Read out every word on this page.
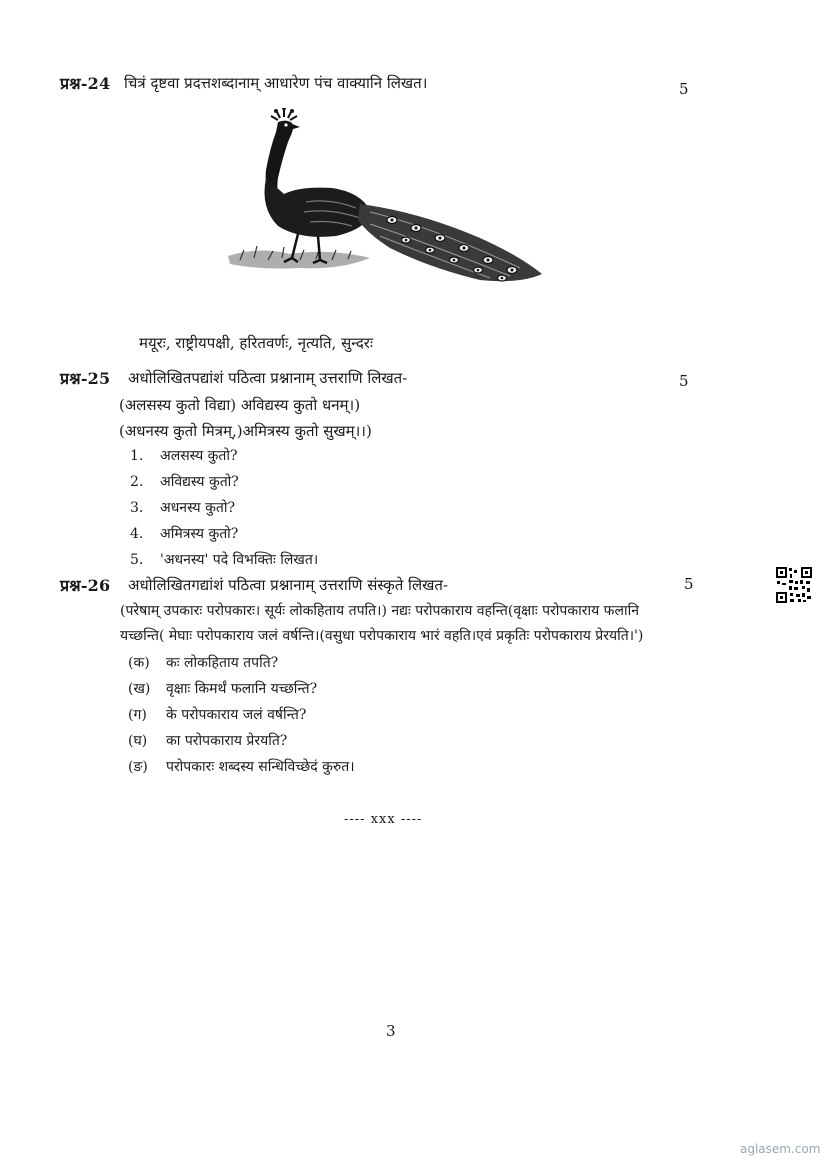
प्रश्न-24 चित्रं दृष्टवा प्रदत्तशब्दानाम् आधारेण पंच वाक्यानि लिखत।	5
मयूरः, राष्ट्रीयपक्षी, हरितवर्णः, नृत्यति, सुन्दरः
प्रश्न-25 अधोलिखितपद्यांशं पठित्वा प्रश्नानाम् उत्तराणि लिखत-	5
(अलसस्य कुतो विद्या) अविद्यस्य कुतो धनम्।)
(अधनस्य कुतो मित्रम्,)अमित्रस्य कुतो सुखम्।।)
1. अलसस्य कुतो?
2. अविद्यस्य कुतो?
3. अधनस्य कुतो?
4. अमित्रस्य कुतो?
5. 'अधनस्य' पदे विभक्तिः लिखत।
प्रश्न-26 अधोलिखितगद्यांशं पठित्वा प्रश्नानाम् उत्तराणि संस्कृते लिखत-	5
(परेषाम् उपकारः परोपकारः। सूर्यः लोकहिताय तपति।) नद्यः परोपकाराय वहन्ति(वृक्षाः परोपकाराय फलानि
यच्छन्ति( मेघाः परोपकाराय जलं वर्षन्ति।(वसुधा परोपकाराय भारं वहति।एवं प्रकृतिः परोपकाराय प्रेरयति।')
(क) कः लोकहिताय तपति?
(ख) वृक्षाः किमर्थं फलानि यच्छन्ति?
(ग) के परोपकाराय जलं वर्षन्ति?
(घ) का परोपकाराय प्रेरयति?
(ङ) परोपकारः शब्दस्य सन्धिविच्छेदं कुरुत।
---- xxx ----
3
aglasem.com
